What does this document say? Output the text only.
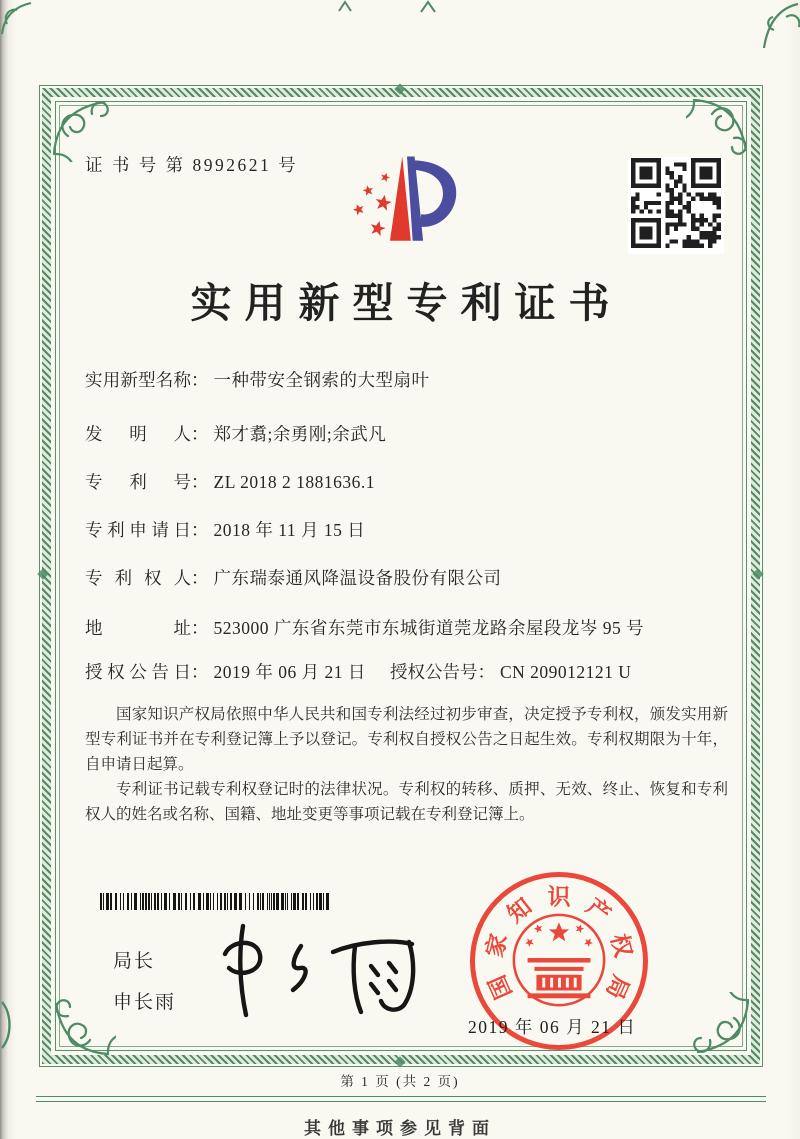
证 书 号 第 8992621 号
实用新型专利证书
实用新型名称： 一种带安全钢索的大型扇叶
发明人： 郑才翥;余勇刚;余武凡
专利号： ZL 2018 2 1881636.1
专利申请日： 2018 年 11 月 15 日
专利权人： 广东瑞泰通风降温设备股份有限公司
地址： 523000 广东省东莞市东城街道莞龙路余屋段龙岑 95 号
授权公告日： 2019 年 06 月 21 日 授权公告号： CN 209012121 U

国家知识产权局依照中华人民共和国专利法经过初步审查，决定授予专利权，颁发实用新型专利证书并在专利登记簿上予以登记。专利权自授权公告之日起生效。专利权期限为十年，自申请日起算。

专利证书记载专利权登记时的法律状况。专利权的转移、质押、无效、终止、恢复和专利权人的姓名或名称、国籍、地址变更等事项记载在专利登记簿上。

局长
申长雨	国
家
知 识 产
权
局
2019 年 06 月 21 日
第 1 页 (共 2 页)
其他事项参见背面
